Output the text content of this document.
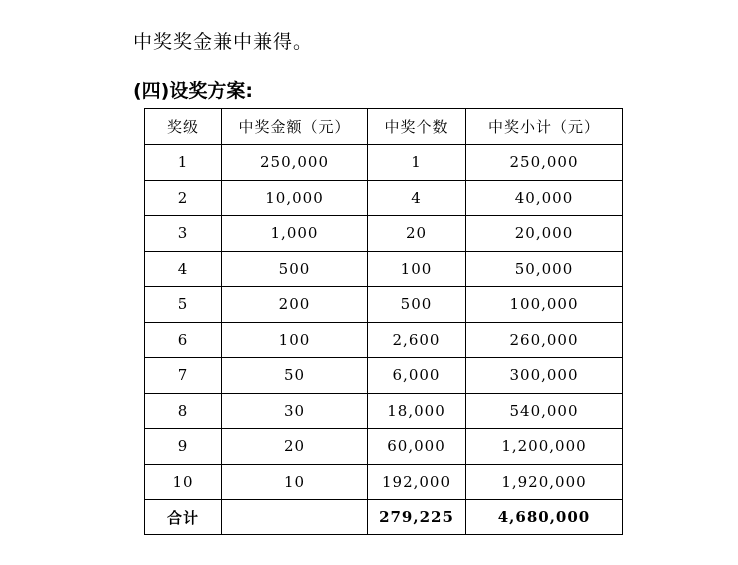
中奖奖金兼中兼得。

(四)设奖方案:
奖级	中奖金额（元）	中奖个数	中奖小计（元）
1	250,000	1	250,000
2	10,000	4	40,000
3	1,000	20	20,000
4	500	100	50,000
5	200	500	100,000
6	100	2,600	260,000
7	50	6,000	300,000
8	30	18,000	540,000
9	20	60,000	1,200,000
10	10	192,000	1,920,000
合计		279,225	4,680,000
